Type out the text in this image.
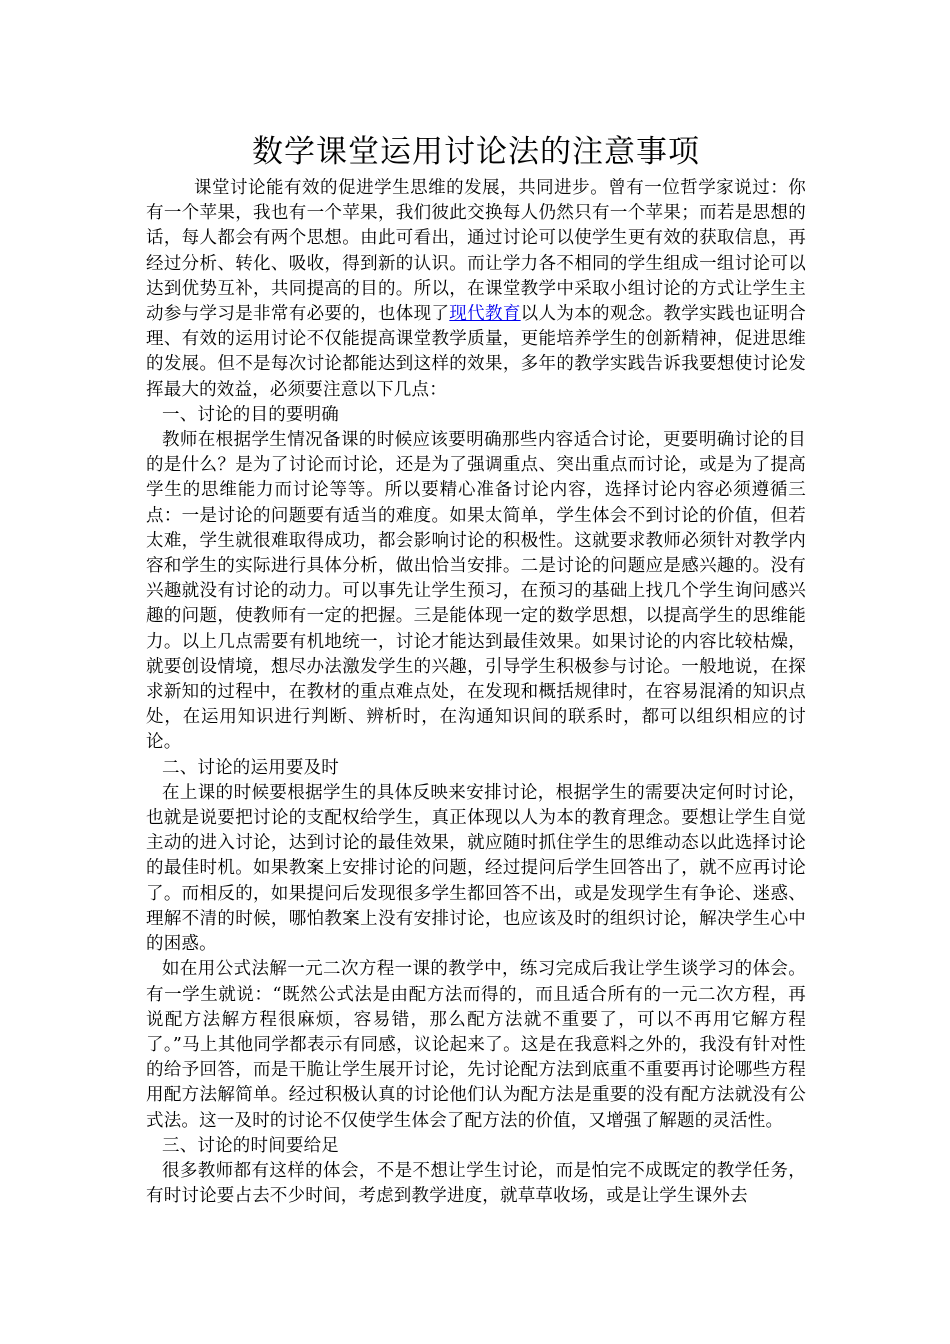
数学课堂运用讨论法的注意事项

课堂讨论能有效的促进学生思维的发展，共同进步。曾有一位哲学家说过：你有一个苹果，我也有一个苹果，我们彼此交换每人仍然只有一个苹果；而若是思想的话，每人都会有两个思想。由此可看出，通过讨论可以使学生更有效的获取信息，再经过分析、转化、吸收，得到新的认识。而让学力各不相同的学生组成一组讨论可以达到优势互补，共同提高的目的。所以，在课堂教学中采取小组讨论的方式让学生主动参与学习是非常有必要的，也体现了现代教育以人为本的观念。教学实践也证明合理、有效的运用讨论不仅能提高课堂教学质量，更能培养学生的创新精神，促进思维的发展。但不是每次讨论都能达到这样的效果，多年的教学实践告诉我要想使讨论发挥最大的效益，必须要注意以下几点：

一、讨论的目的要明确

教师在根据学生情况备课的时候应该要明确那些内容适合讨论，更要明确讨论的目的是什么？是为了讨论而讨论，还是为了强调重点、突出重点而讨论，或是为了提高学生的思维能力而讨论等等。所以要精心准备讨论内容，选择讨论内容必须遵循三点：一是讨论的问题要有适当的难度。如果太简单，学生体会不到讨论的价值，但若太难，学生就很难取得成功，都会影响讨论的积极性。这就要求教师必须针对教学内容和学生的实际进行具体分析，做出恰当安排。二是讨论的问题应是感兴趣的。没有兴趣就没有讨论的动力。可以事先让学生预习，在预习的基础上找几个学生询问感兴趣的问题，使教师有一定的把握。三是能体现一定的数学思想，以提高学生的思维能力。以上几点需要有机地统一，讨论才能达到最佳效果。如果讨论的内容比较枯燥，就要创设情境，想尽办法激发学生的兴趣，引导学生积极参与讨论。一般地说，在探求新知的过程中，在教材的重点难点处，在发现和概括规律时，在容易混淆的知识点处，在运用知识进行判断、辨析时，在沟通知识间的联系时，都可以组织相应的讨论。

二、讨论的运用要及时

在上课的时候要根据学生的具体反映来安排讨论，根据学生的需要决定何时讨论，也就是说要把讨论的支配权给学生，真正体现以人为本的教育理念。要想让学生自觉主动的进入讨论，达到讨论的最佳效果，就应随时抓住学生的思维动态以此选择讨论的最佳时机。如果教案上安排讨论的问题，经过提问后学生回答出了，就不应再讨论了。而相反的，如果提问后发现很多学生都回答不出，或是发现学生有争论、迷惑、理解不清的时候，哪怕教案上没有安排讨论，也应该及时的组织讨论，解决学生心中的困惑。

如在用公式法解一元二次方程一课的教学中，练习完成后我让学生谈学习的体会。有一学生就说：“既然公式法是由配方法而得的，而且适合所有的一元二次方程，再说配方法解方程很麻烦，容易错，那么配方法就不重要了，可以不再用它解方程了。”马上其他同学都表示有同感，议论起来了。这是在我意料之外的，我没有针对性的给予回答，而是干脆让学生展开讨论，先讨论配方法到底重不重要再讨论哪些方程用配方法解简单。经过积极认真的讨论他们认为配方法是重要的没有配方法就没有公式法。这一及时的讨论不仅使学生体会了配方法的价值，又增强了解题的灵活性。

三、讨论的时间要给足

很多教师都有这样的体会，不是不想让学生讨论，而是怕完不成既定的教学任务，有时讨论要占去不少时间，考虑到教学进度，就草草收场，或是让学生课外去
